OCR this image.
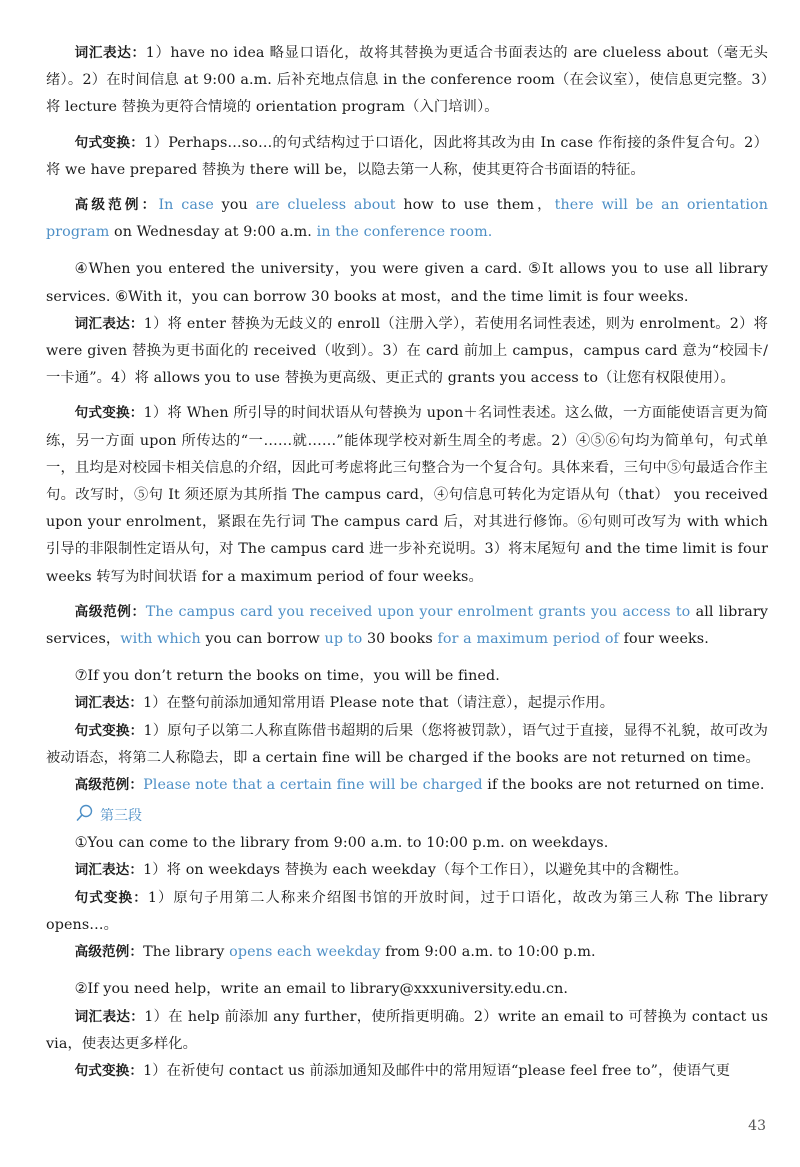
词汇表达：1）have no idea 略显口语化，故将其替换为更适合书面表达的 are clueless about（毫无头绪）。2）在时间信息 at 9:00 a.m. 后补充地点信息 in the conference room（在会议室），使信息更完整。3）将 lecture 替换为更符合情境的 orientation program（入门培训）。

句式变换：1）Perhaps…so…的句式结构过于口语化，因此将其改为由 In case 作衔接的条件复合句。2）将 we have prepared 替换为 there will be，以隐去第一人称，使其更符合书面语的特征。

高级范例：In case you are clueless about how to use them，there will be an orientation program on Wednesday at 9:00 a.m. in the conference room.

④When you entered the university，you were given a card. ⑤It allows you to use all library services. ⑥With it，you can borrow 30 books at most，and the time limit is four weeks.

词汇表达：1）将 enter 替换为无歧义的 enroll（注册入学），若使用名词性表述，则为 enrolment。2）将were given 替换为更书面化的 received（收到）。3）在 card 前加上 campus，campus card 意为“校园卡/一卡通”。4）将 allows you to use 替换为更高级、更正式的 grants you access to（让您有权限使用）。

句式变换：1）将 When 所引导的时间状语从句替换为 upon＋名词性表述。这么做，一方面能使语言更为简练，另一方面 upon 所传达的“一……就……”能体现学校对新生周全的考虑。2）④⑤⑥句均为简单句，句式单一，且均是对校园卡相关信息的介绍，因此可考虑将此三句整合为一个复合句。具体来看，三句中⑤句最适合作主句。改写时，⑤句 It 须还原为其所指 The campus card，④句信息可转化为定语从句（that） you received upon your enrolment，紧跟在先行词 The campus card 后，对其进行修饰。⑥句则可改写为 with which 引导的非限制性定语从句，对 The campus card 进一步补充说明。3）将末尾短句 and the time limit is four weeks 转写为时间状语 for a maximum period of four weeks。

高级范例：The campus card you received upon your enrolment grants you access to all library services，with which you can borrow up to 30 books for a maximum period of four weeks.

⑦If you don’t return the books on time，you will be fined.

词汇表达：1）在整句前添加通知常用语 Please note that（请注意），起提示作用。

句式变换：1）原句子以第二人称直陈借书超期的后果（您将被罚款），语气过于直接，显得不礼貌，故可改为被动语态，将第二人称隐去，即 a certain fine will be charged if the books are not returned on time。

高级范例：Please note that a certain fine will be charged if the books are not returned on time.

第三段

①You can come to the library from 9:00 a.m. to 10:00 p.m. on weekdays.

词汇表达：1）将 on weekdays 替换为 each weekday（每个工作日），以避免其中的含糊性。

句式变换：1）原句子用第二人称来介绍图书馆的开放时间，过于口语化，故改为第三人称 The library opens…。

高级范例：The library opens each weekday from 9:00 a.m. to 10:00 p.m.

②If you need help，write an email to library@xxxuniversity.edu.cn.

词汇表达：1）在 help 前添加 any further，使所指更明确。2）write an email to 可替换为 contact us via，使表达更多样化。

句式变换：1）在祈使句 contact us 前添加通知及邮件中的常用短语“please feel free to”，使语气更

43
